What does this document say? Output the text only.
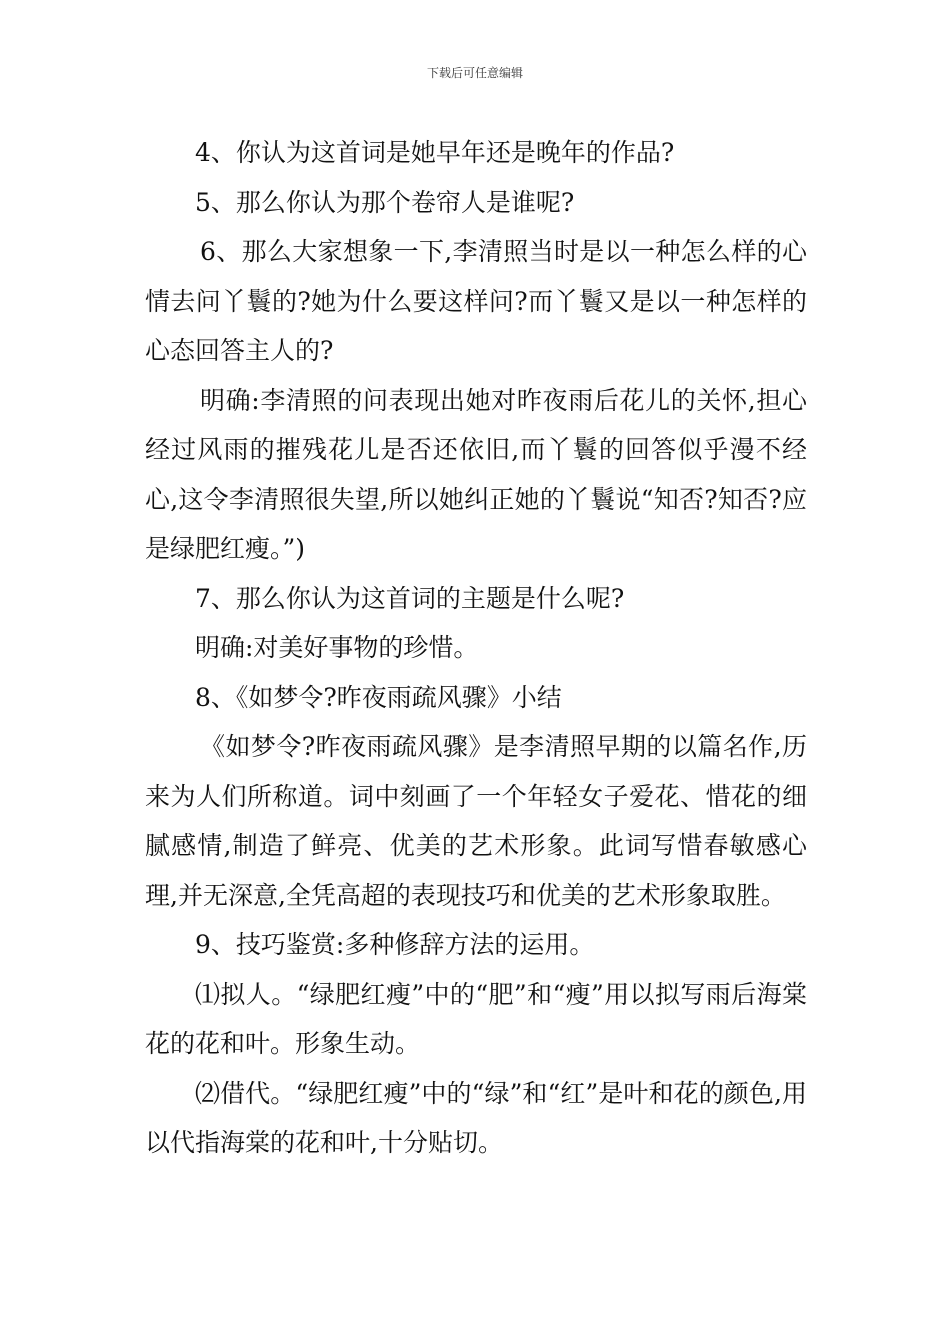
下载后可任意编辑

4、你认为这首词是她早年还是晚年的作品?

5、那么你认为那个卷帘人是谁呢?

6、那么大家想象一下,李清照当时是以一种怎么样的心情去问丫鬟的?她为什么要这样问?而丫鬟又是以一种怎样的心态回答主人的?

明确:李清照的问表现出她对昨夜雨后花儿的关怀,担心经过风雨的摧残花儿是否还依旧,而丫鬟的回答似乎漫不经心,这令李清照很失望,所以她纠正她的丫鬟说“知否?知否?应是绿肥红瘦。”)

7、那么你认为这首词的主题是什么呢?

明确:对美好事物的珍惜。

8、《如梦令?昨夜雨疏风骤》小结

《如梦令?昨夜雨疏风骤》是李清照早期的以篇名作,历来为人们所称道。词中刻画了一个年轻女子爱花、惜花的细腻感情,制造了鲜亮、优美的艺术形象。此词写惜春敏感心理,并无深意,全凭高超的表现技巧和优美的艺术形象取胜。

9、技巧鉴赏:多种修辞方法的运用。

⑴拟人。“绿肥红瘦”中的“肥”和“瘦”用以拟写雨后海棠花的花和叶。形象生动。

⑵借代。“绿肥红瘦”中的“绿”和“红”是叶和花的颜色,用以代指海棠的花和叶,十分贴切。
